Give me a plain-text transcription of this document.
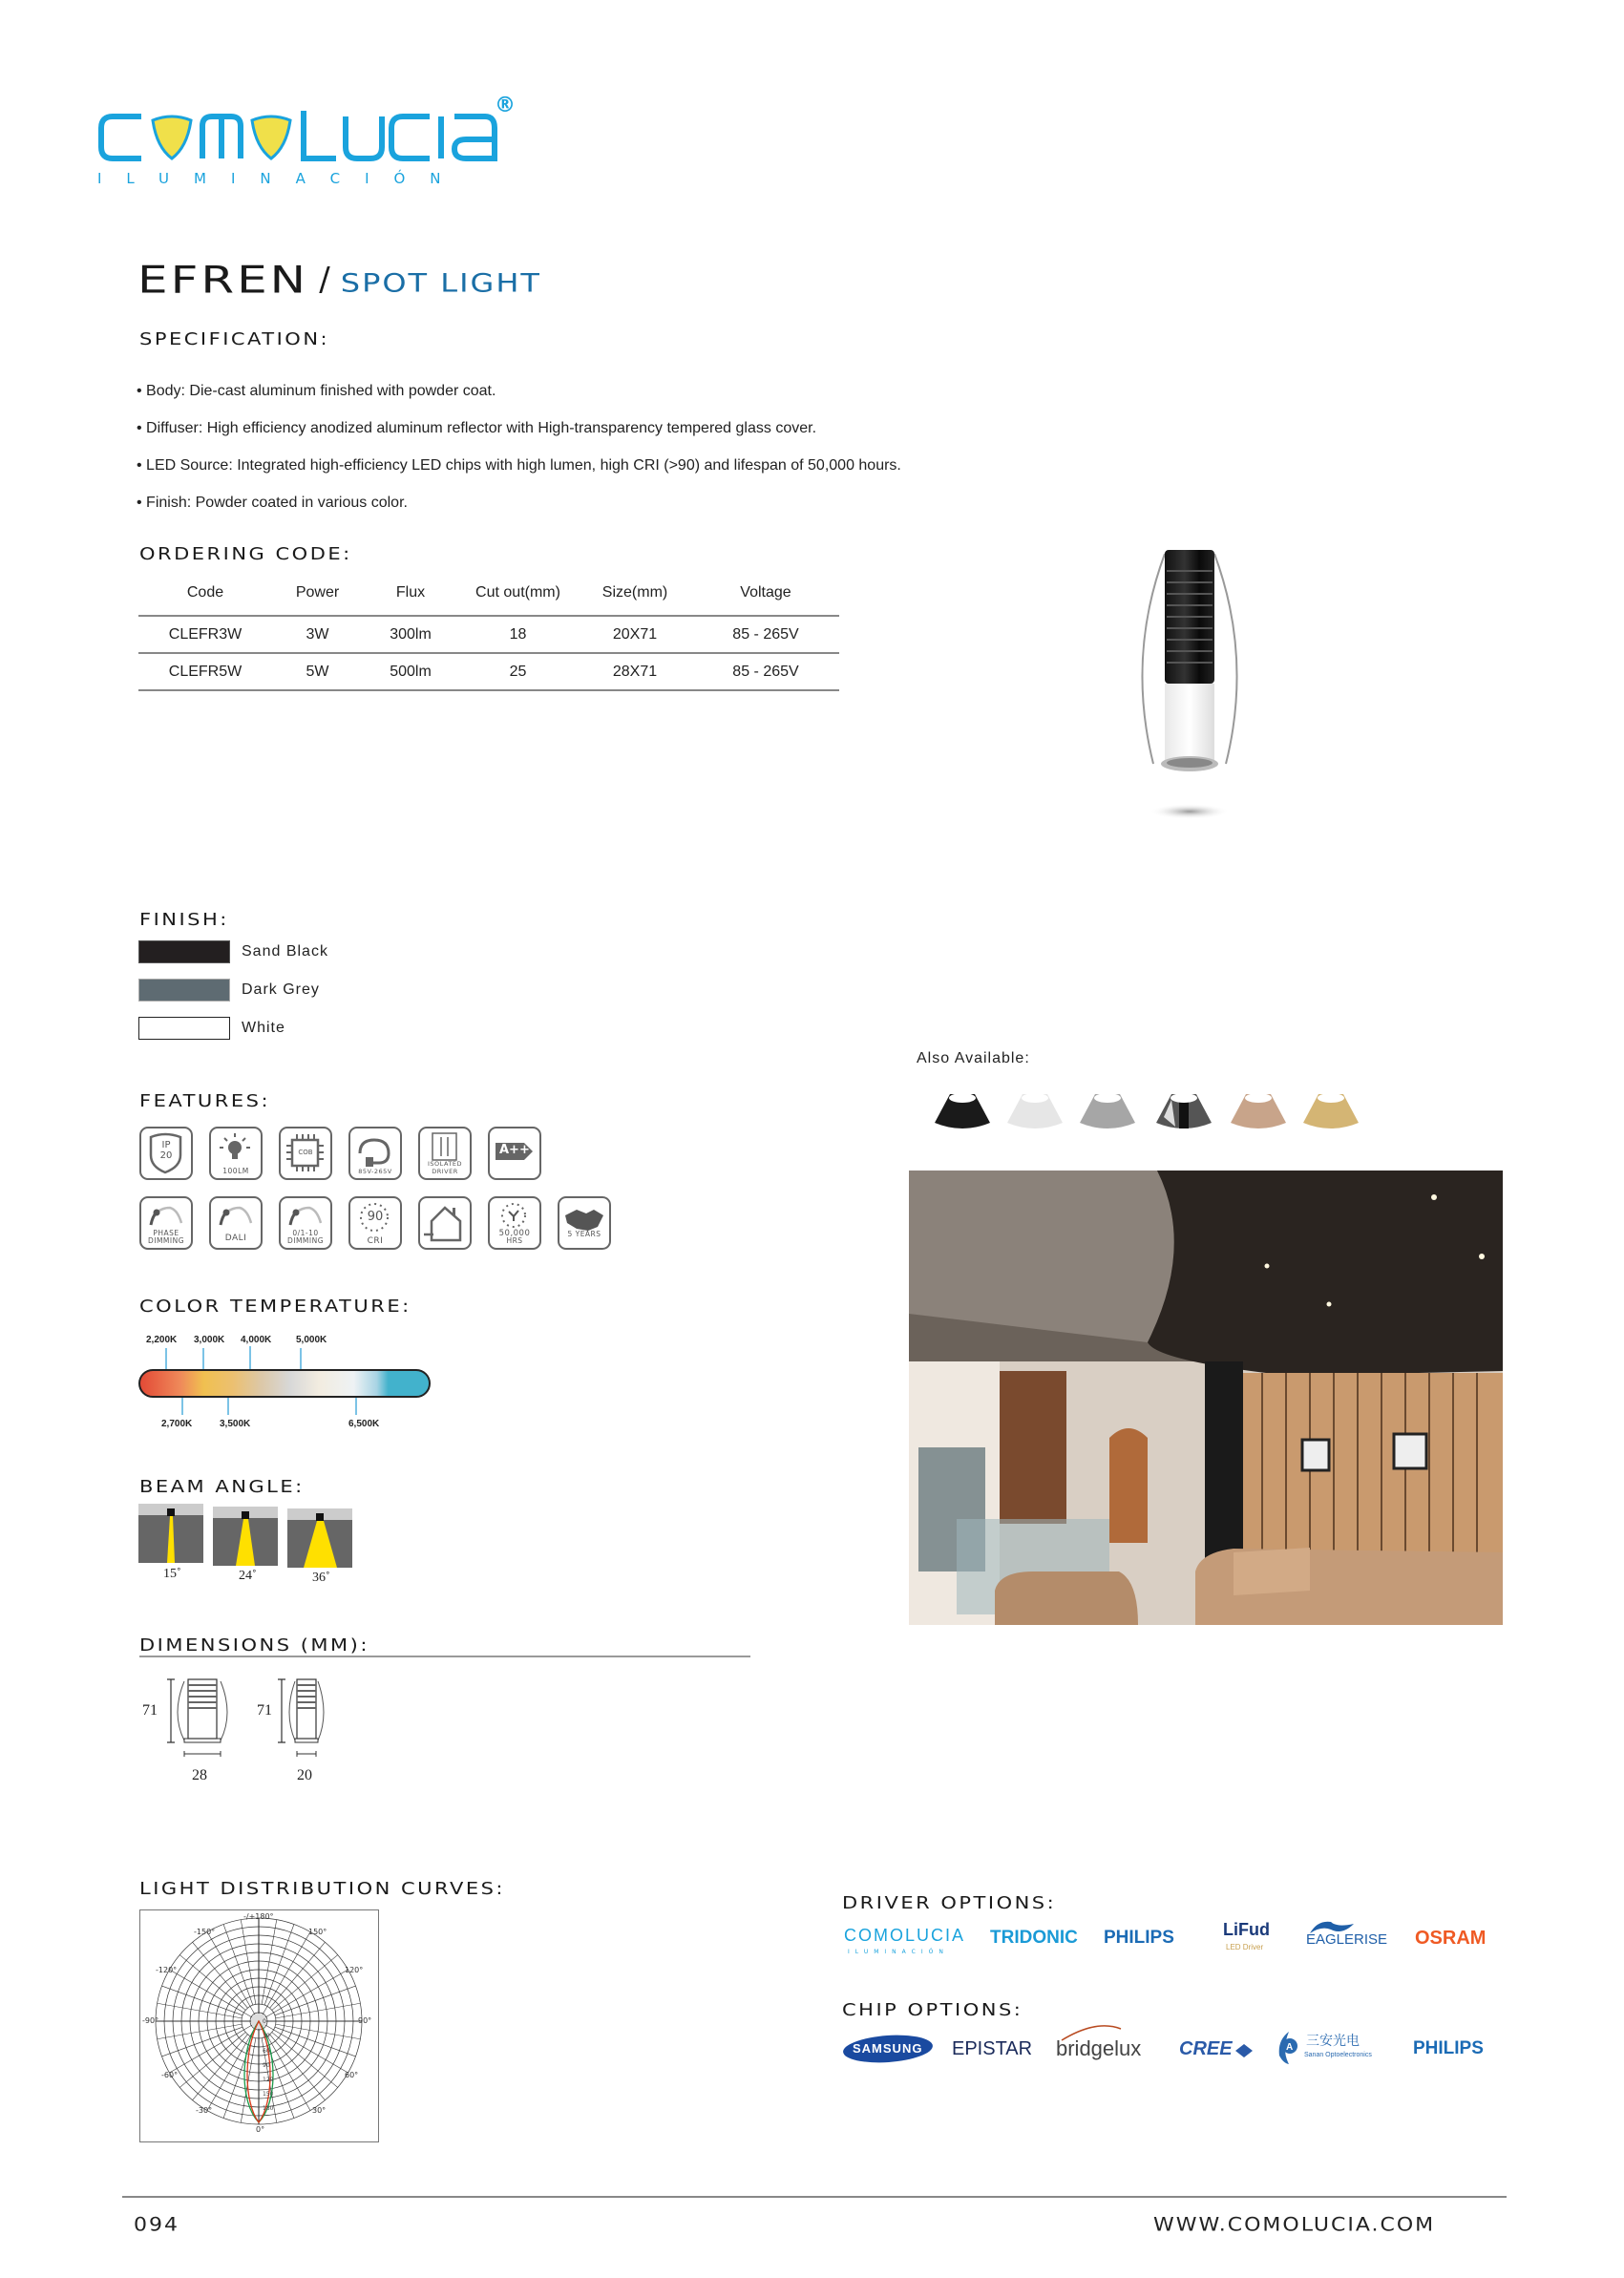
®
ILUMINACIÓN
EFREN / SPOT LIGHT
SPECIFICATION:
• Body: Die-cast aluminum finished with powder coat.
• Diffuser: High efficiency anodized aluminum reflector with High-transparency tempered glass cover.
• LED Source: Integrated high-efficiency LED chips with high lumen, high CRI (>90) and lifespan of 50,000 hours.
• Finish: Powder coated in various color.
ORDERING CODE:
Code	Power	Flux	Cut out(mm)	Size(mm)	Voltage
CLEFR3W	3W	300lm	18	20X71	85 - 265V
CLEFR5W	5W	500lm	25	28X71	85 - 265V
FINISH:
Sand Black
Dark Grey
White
Also Available:
FEATURES:
IP
20
100LM
COB
85V-265V
ISOLATED
DRIVER
A++
PHASE
DIMMING	DALI
0/1-10
DIMMING
90
CRI
50,000
HRS
5 YEARS
COLOR TEMPERATURE:
2,200K 3,000K 4,000K	5,000K
2,700K	3,500K	6,500K
BEAM ANGLE:
15˚	24˚	36˚
DIMENSIONS (MM):
71
28
71
20
LIGHT DISTRIBUTION CURVES:
-/+180°
-150°	150°
-120°	120°
-90°	90°
-60°	60°
-30°	30°
0°
0
30
60
90
120
150
180
DRIVER OPTIONS:
COMOLUCIA
ILUMINACIÓN
TRIDONIC PHILIPS	LiFud
LED Driver	EAGLERISE OSRAM
CHIP OPTIONS:
SAMSUNG EPISTAR bridgelux CREE	A 三安光电
Sanan Optoelectronics PHILIPS
094	WWW.COMOLUCIA.COM
